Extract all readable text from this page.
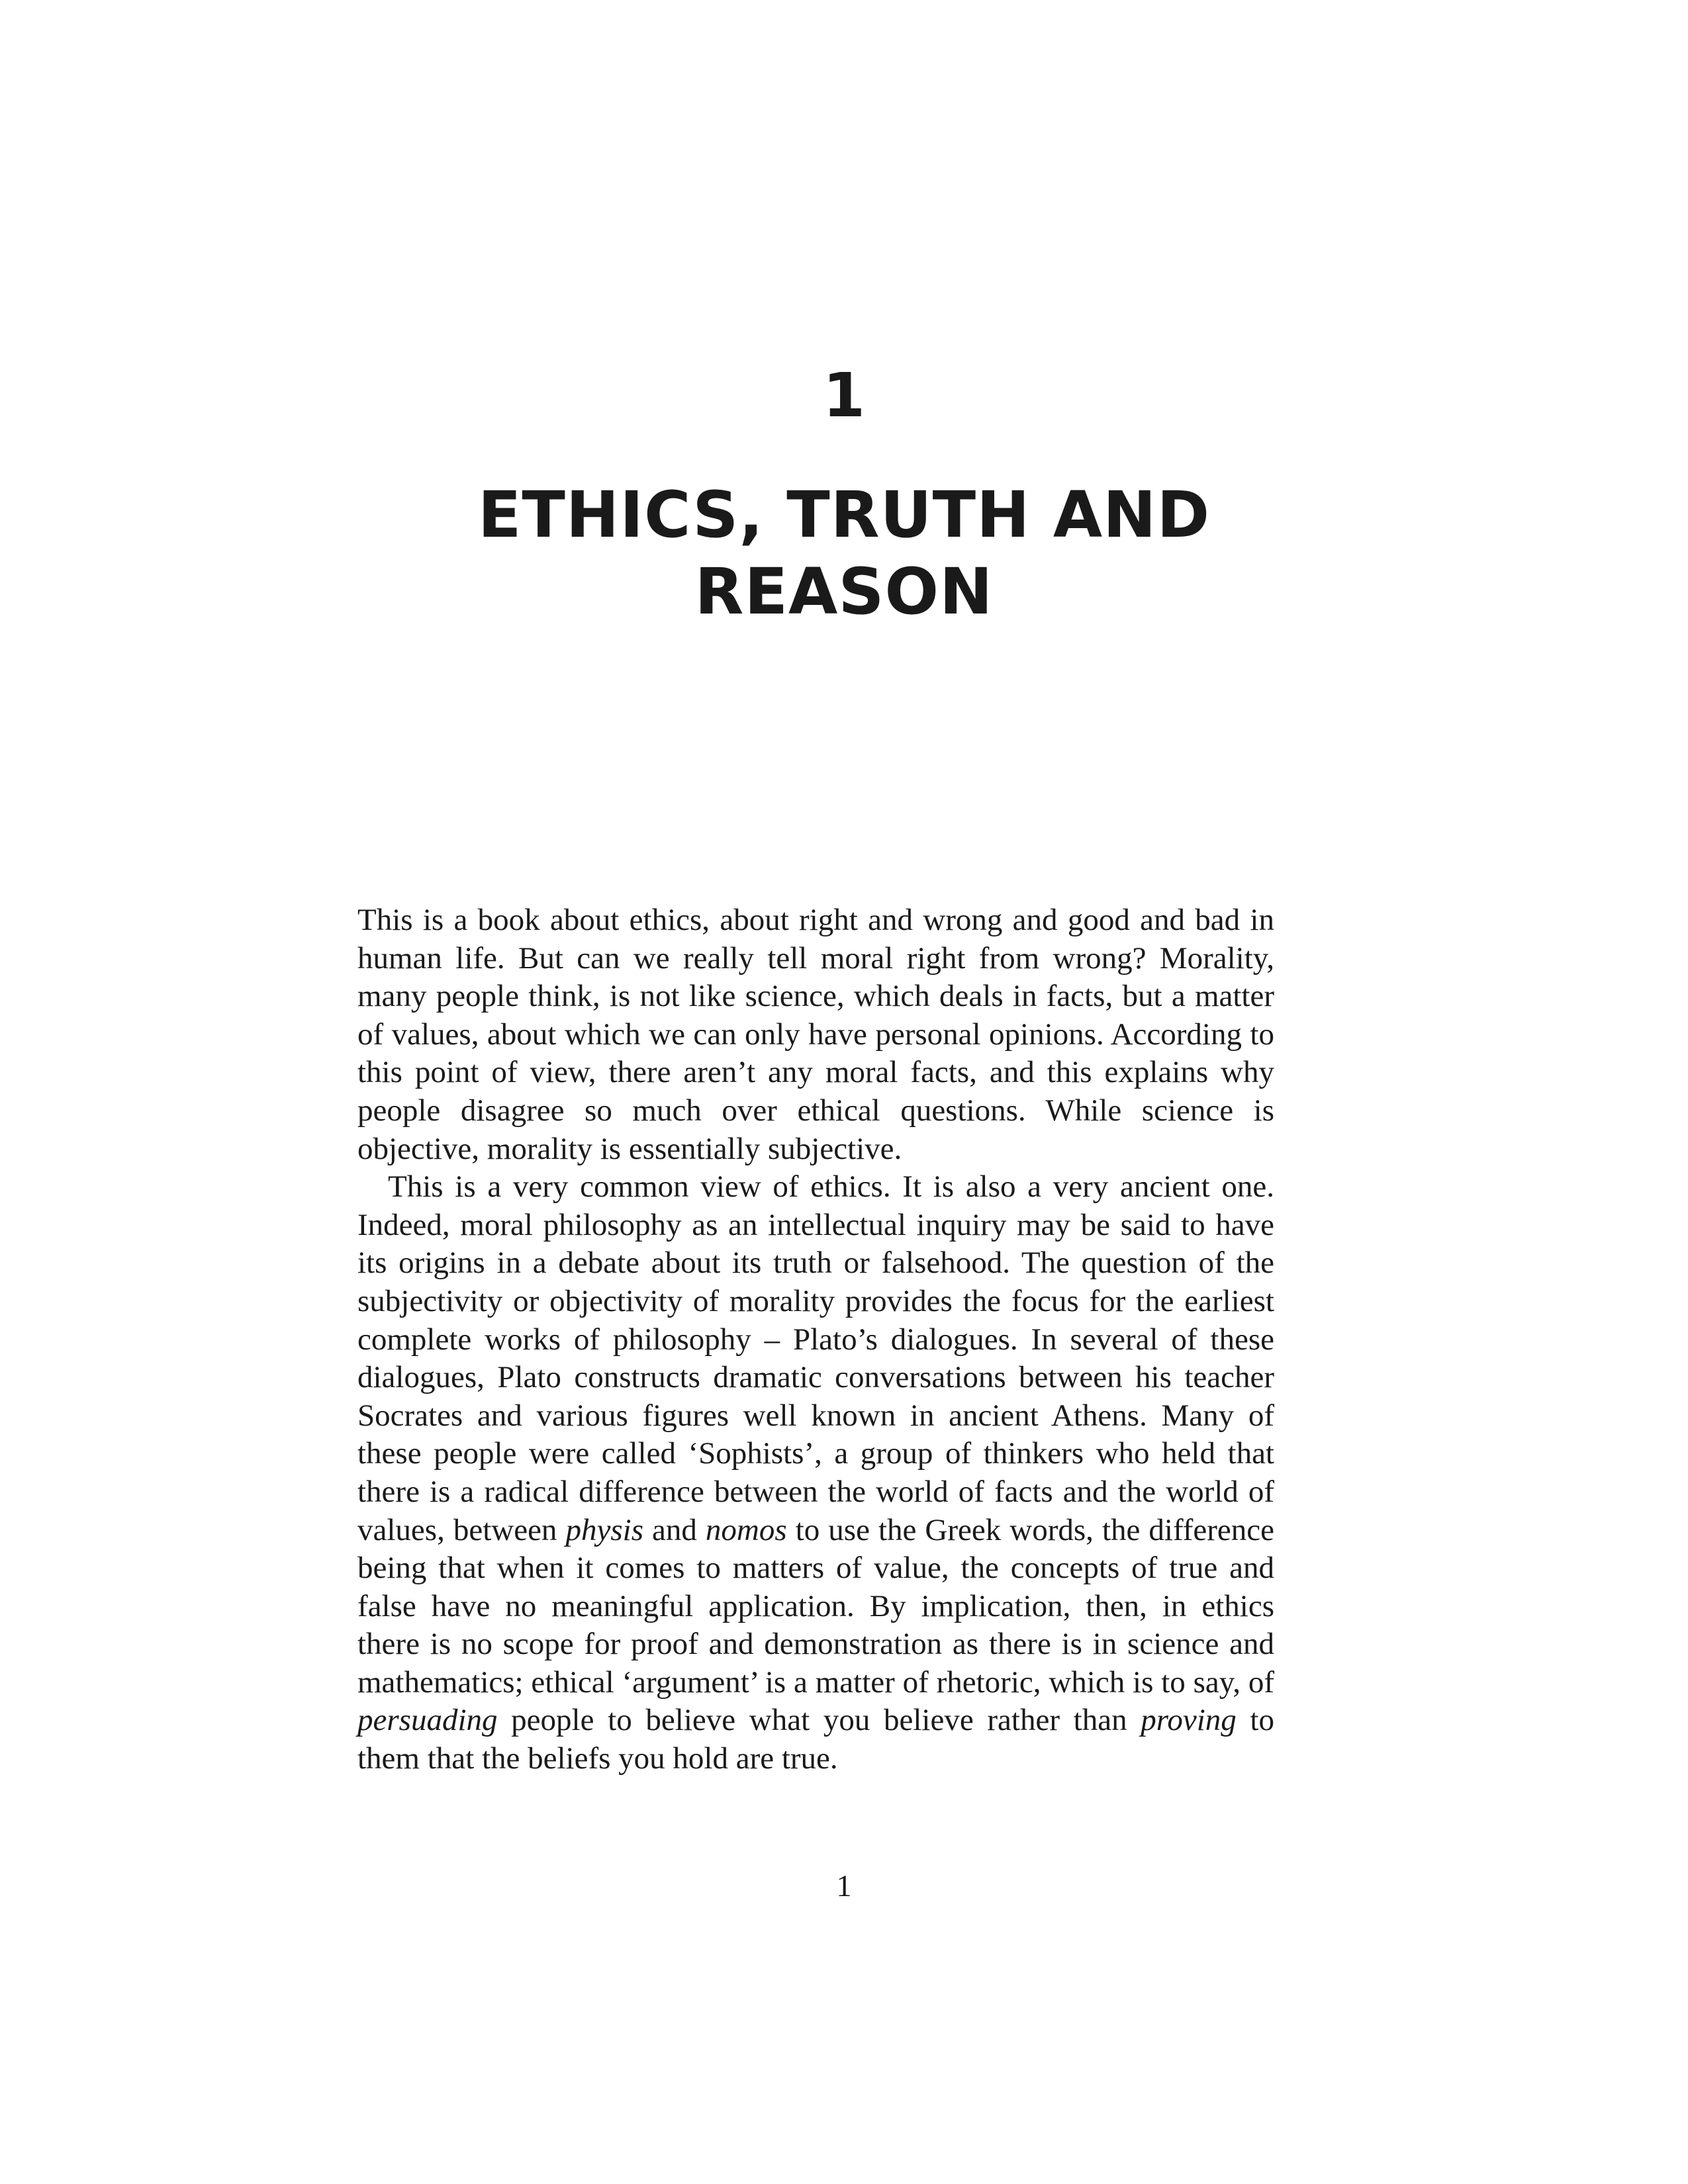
1
ETHICS, TRUTH AND
REASON

This is a book about ethics, about right and wrong and good and bad in human life. But can we really tell moral right from wrong? Morality, many people think, is not like science, which deals in facts, but a matter of values, about which we can only have personal opinions. According to this point of view, there aren’t any moral facts, and this explains why people disagree so much over ethical questions. While science is objective, morality is essentially subjective.

This is a very common view of ethics. It is also a very ancient one. Indeed, moral philosophy as an intellectual inquiry may be said to have its origins in a debate about its truth or falsehood. The question of the subjectivity or objectivity of morality provides the focus for the earliest complete works of philosophy – Plato’s dialogues. In several of these dialogues, Plato constructs dramatic conversations between his teacher Socrates and various figures well known in ancient Athens. Many of these people were called ‘Sophists’, a group of thinkers who held that there is a radical difference between the world of facts and the world of values, between physis and nomos to use the Greek words, the difference being that when it comes to matters of value, the concepts of true and false have no meaningful application. By implication, then, in ethics there is no scope for proof and demonstration as there is in science and mathematics; ethical ‘argument’ is a matter of rhetoric, which is to say, of persuading people to believe what you believe rather than proving to them that the beliefs you hold are true.

1
